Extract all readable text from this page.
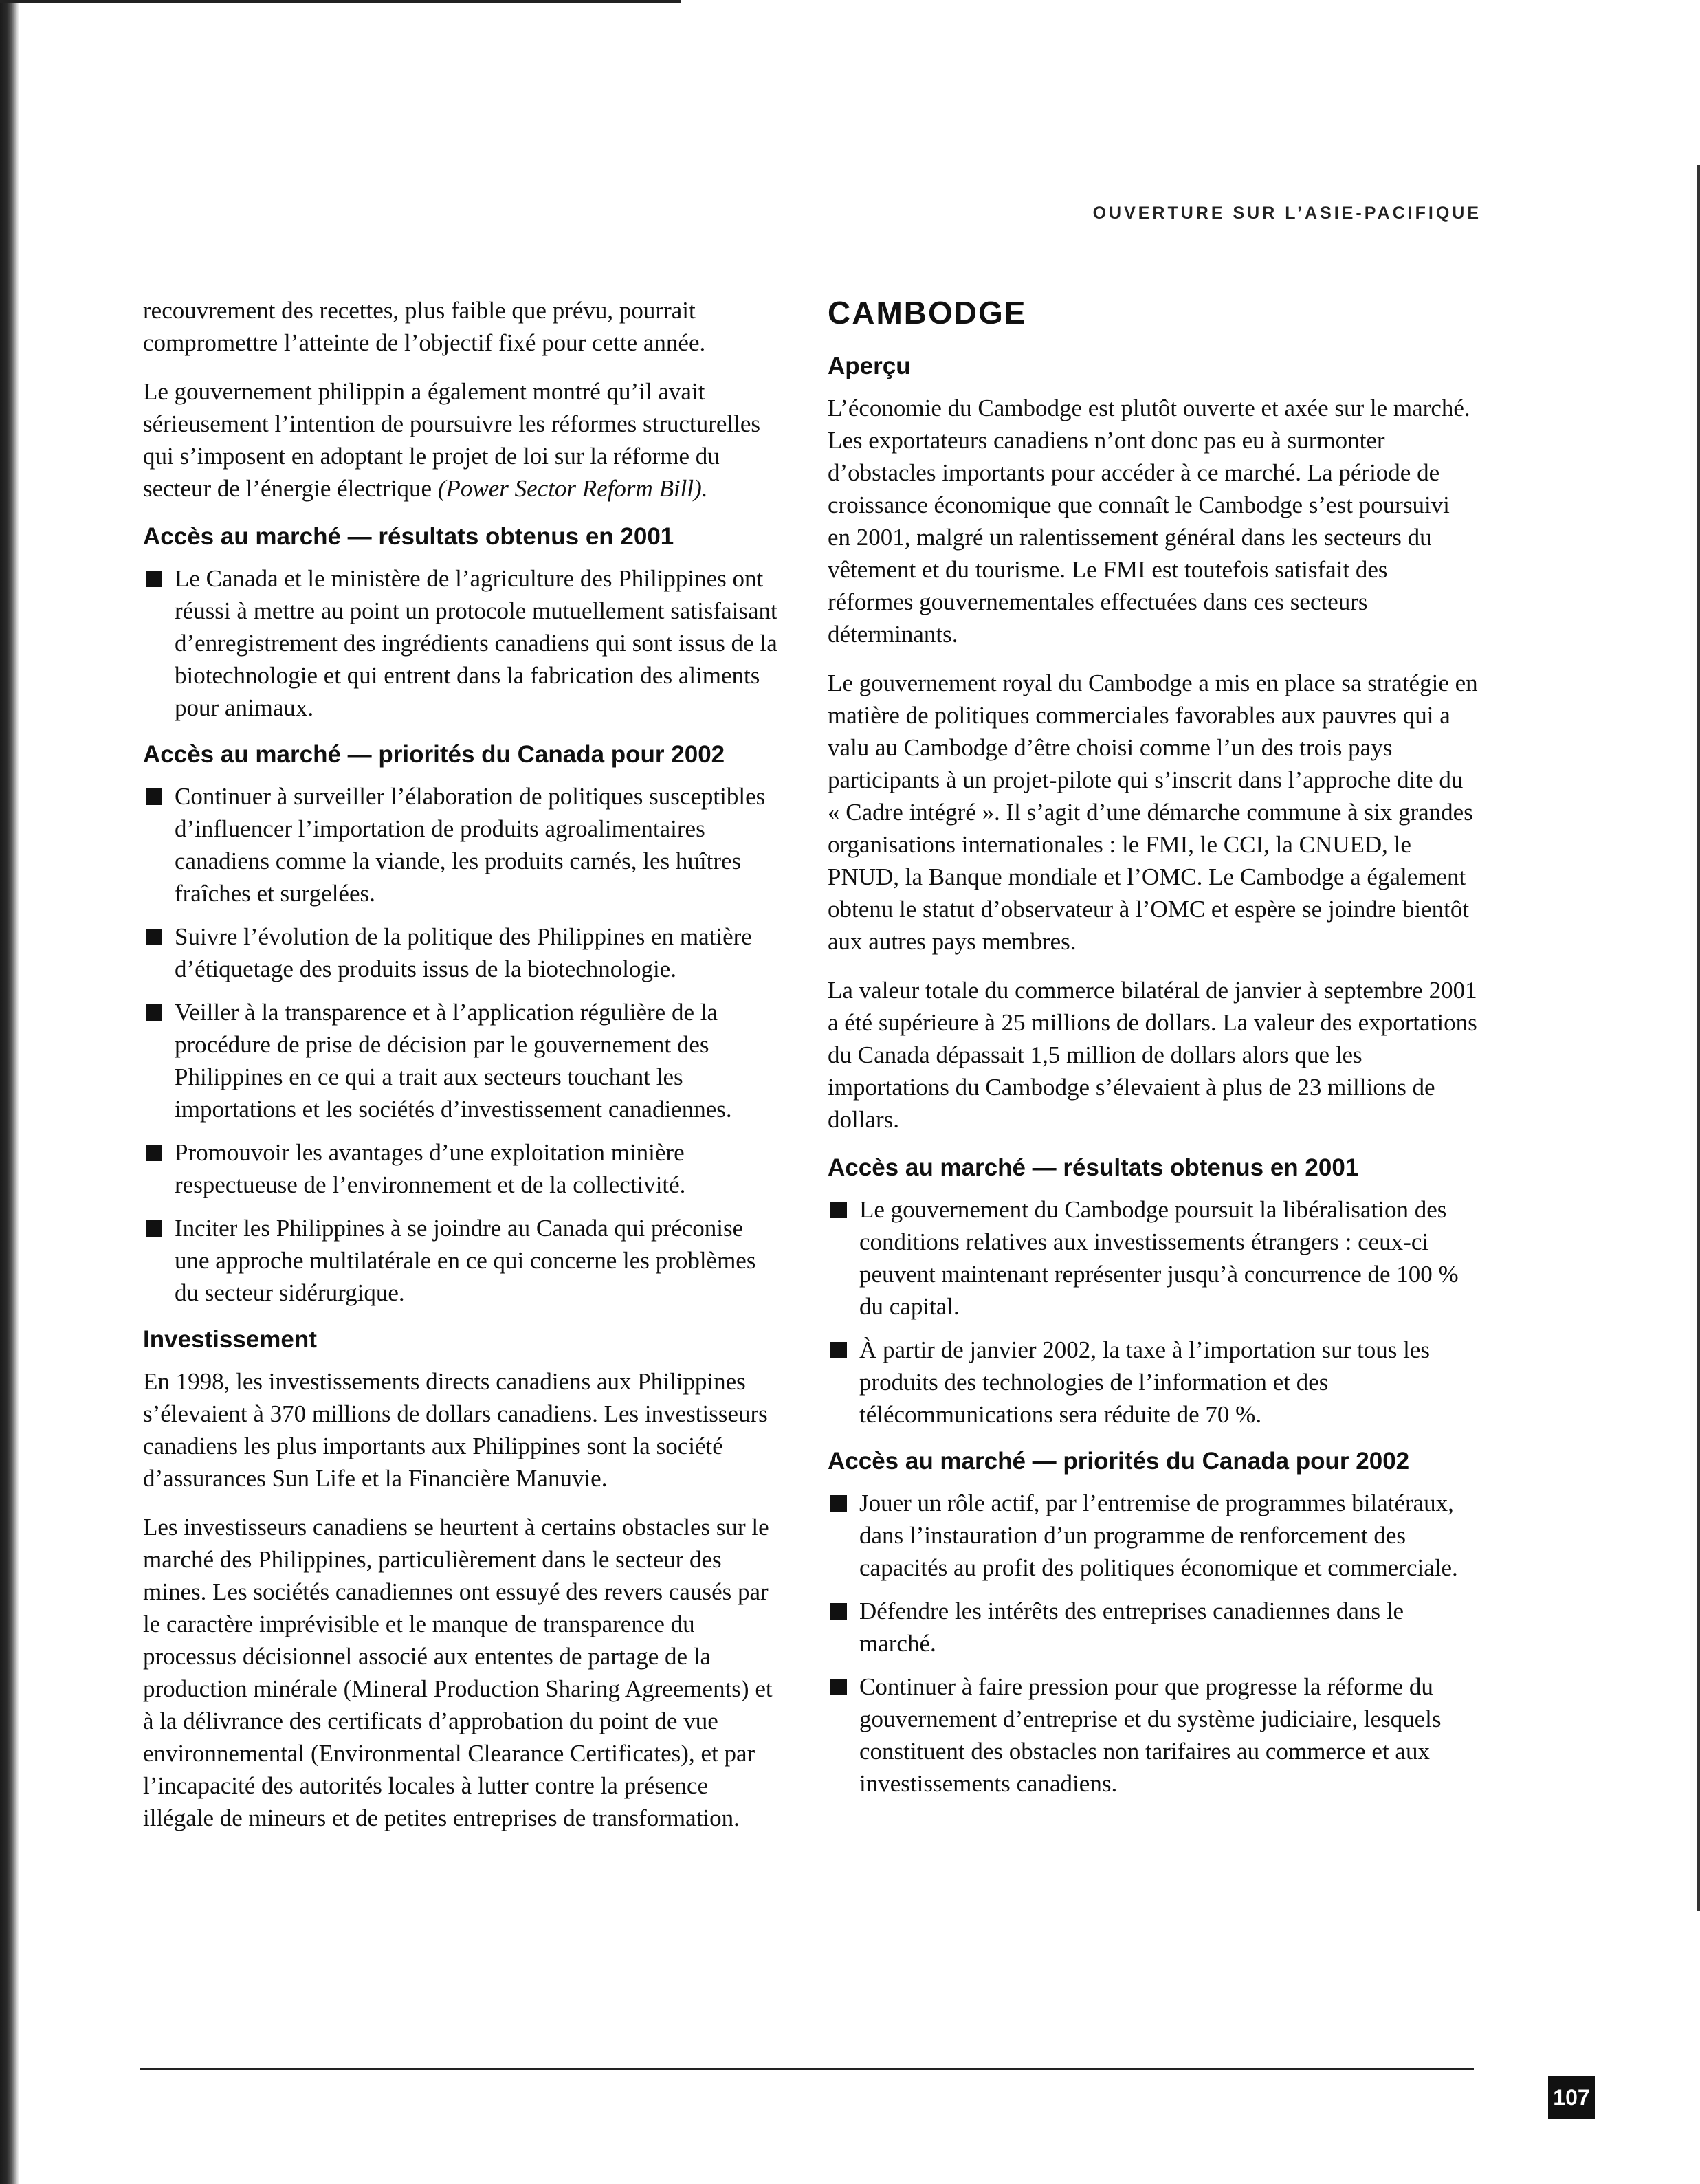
OUVERTURE SUR L’ASIE-PACIFIQUE

recouvrement des recettes, plus faible que prévu, pourrait compromettre l’atteinte de l’objectif fixé pour cette année.

Le gouvernement philippin a également montré qu’il avait sérieusement l’intention de poursuivre les réformes structurelles qui s’imposent en adoptant le projet de loi sur la réforme du secteur de l’énergie électrique (Power Sector Reform Bill).

Accès au marché — résultats obtenus en 2001
Le Canada et le ministère de l’agriculture des Philippines ont réussi à mettre au point un protocole mutuellement satisfaisant d’enregistrement des ingrédients canadiens qui sont issus de la biotechnologie et qui entrent dans la fabrication des aliments pour animaux.
Accès au marché — priorités du Canada pour 2002
Continuer à surveiller l’élaboration de politiques susceptibles d’influencer l’importation de produits agroalimentaires canadiens comme la viande, les produits carnés, les huîtres fraîches et surgelées.
Suivre l’évolution de la politique des Philippines en matière d’étiquetage des produits issus de la biotechnologie.
Veiller à la transparence et à l’application régulière de la procédure de prise de décision par le gouvernement des Philippines en ce qui a trait aux secteurs touchant les importations et les sociétés d’investissement canadiennes.
Promouvoir les avantages d’une exploitation minière respectueuse de l’environnement et de la collectivité.
Inciter les Philippines à se joindre au Canada qui préconise une approche multilatérale en ce qui concerne les problèmes du secteur sidérurgique.
Investissement

En 1998, les investissements directs canadiens aux Philippines s’élevaient à 370 millions de dollars canadiens. Les investisseurs canadiens les plus importants aux Philippines sont la société d’assurances Sun Life et la Financière Manuvie.

Les investisseurs canadiens se heurtent à certains obstacles sur le marché des Philippines, particulièrement dans le secteur des mines. Les sociétés canadiennes ont essuyé des revers causés par le caractère imprévisible et le manque de transparence du processus décisionnel associé aux ententes de partage de la production minérale (Mineral Production Sharing Agreements) et à la délivrance des certificats d’approbation du point de vue environnemental (Environmental Clearance Certificates), et par l’incapacité des autorités locales à lutter contre la présence illégale de mineurs et de petites entreprises de transformation.

CAMBODGE
Aperçu

L’économie du Cambodge est plutôt ouverte et axée sur le marché. Les exportateurs canadiens n’ont donc pas eu à surmonter d’obstacles importants pour accéder à ce marché. La période de croissance économique que connaît le Cambodge s’est poursuivi en 2001, malgré un ralentissement général dans les secteurs du vêtement et du tourisme. Le FMI est toutefois satisfait des réformes gouvernementales effectuées dans ces secteurs déterminants.

Le gouvernement royal du Cambodge a mis en place sa stratégie en matière de politiques commerciales favorables aux pauvres qui a valu au Cambodge d’être choisi comme l’un des trois pays participants à un projet-pilote qui s’inscrit dans l’approche dite du « Cadre intégré ». Il s’agit d’une démarche commune à six grandes organisations internationales : le FMI, le CCI, la CNUED, le PNUD, la Banque mondiale et l’OMC. Le Cambodge a également obtenu le statut d’observateur à l’OMC et espère se joindre bientôt aux autres pays membres.

La valeur totale du commerce bilatéral de janvier à septembre 2001 a été supérieure à 25 millions de dollars. La valeur des exportations du Canada dépassait 1,5 million de dollars alors que les importations du Cambodge s’élevaient à plus de 23 millions de dollars.

Accès au marché — résultats obtenus en 2001
Le gouvernement du Cambodge poursuit la libéralisation des conditions relatives aux investissements étrangers : ceux-ci peuvent maintenant représenter jusqu’à concurrence de 100 % du capital.
À partir de janvier 2002, la taxe à l’importation sur tous les produits des technologies de l’information et des télécommunications sera réduite de 70 %.
Accès au marché — priorités du Canada pour 2002
Jouer un rôle actif, par l’entremise de programmes bilatéraux, dans l’instauration d’un programme de renforcement des capacités au profit des politiques économique et commerciale.
Défendre les intérêts des entreprises canadiennes dans le marché.
Continuer à faire pression pour que progresse la réforme du gouvernement d’entreprise et du système judiciaire, lesquels constituent des obstacles non tarifaires au commerce et aux investissements canadiens.
107
